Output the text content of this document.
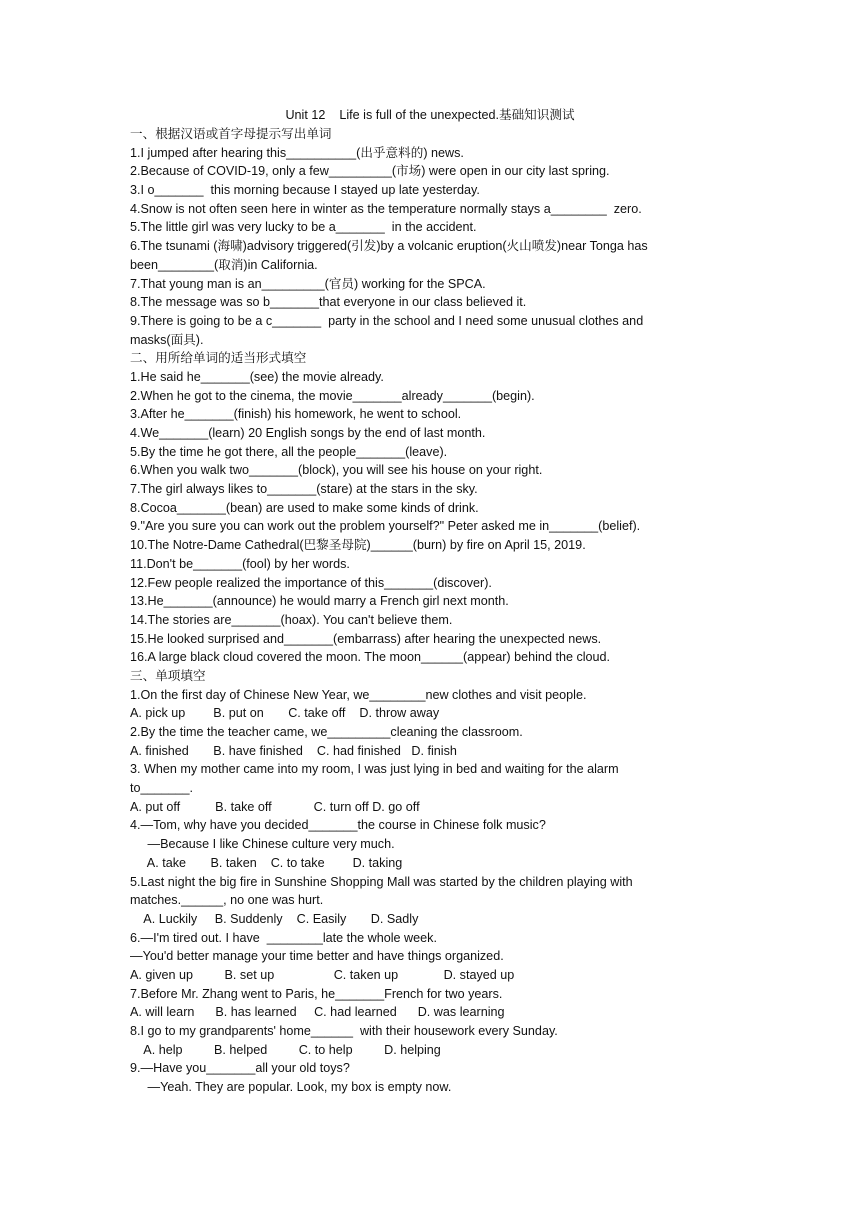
Unit 12    Life is full of the unexpected.基础知识测试
一、根据汉语或首字母提示写出单词
1.I jumped after hearing this__________(出乎意料的) news.
2.Because of COVID-19, only a few_________(市场) were open in our city last spring.
3.I o_______  this morning because I stayed up late yesterday.
4.Snow is not often seen here in winter as the temperature normally stays a________  zero.
5.The little girl was very lucky to be a_______  in the accident.
6.The tsunami (海啸)advisory triggered(引发)by a volcanic eruption(火山喷发)near Tonga has
been________(取消)in California.
7.That young man is an_________(官员) working for the SPCA.
8.The message was so b_______that everyone in our class believed it.
9.There is going to be a c_______  party in the school and I need some unusual clothes and
masks(面具).
二、用所给单词的适当形式填空
1.He said he_______(see) the movie already.
2.When he got to the cinema, the movie_______already_______(begin).
3.After he_______(finish) his homework, he went to school.
4.We_______(learn) 20 English songs by the end of last month.
5.By the time he got there, all the people_______(leave).
6.When you walk two_______(block), you will see his house on your right.
7.The girl always likes to_______(stare) at the stars in the sky.
8.Cocoa_______(bean) are used to make some kinds of drink.
9."Are you sure you can work out the problem yourself?" Peter asked me in_______(belief).
10.The Notre-Dame Cathedral(巴黎圣母院)______(burn) by fire on April 15, 2019.
11.Don't be_______(fool) by her words.
12.Few people realized the importance of this_______(discover).
13.He_______(announce) he would marry a French girl next month.
14.The stories are_______(hoax). You can't believe them.
15.He looked surprised and_______(embarrass) after hearing the unexpected news.
16.A large black cloud covered the moon. The moon______(appear) behind the cloud.
三、单项填空
1.On the first day of Chinese New Year, we________new clothes and visit people.
A. pick up        B. put on       C. take off    D. throw away
2.By the time the teacher came, we_________cleaning the classroom.
A. finished       B. have finished    C. had finished   D. finish
3. When my mother came into my room, I was just lying in bed and waiting for the alarm
to_______.
A. put off          B. take off            C. turn off D. go off
4.—Tom, why have you decided_______the course in Chinese folk music?
—Because I like Chinese culture very much.
A. take       B. taken    C. to take        D. taking
5.Last night the big fire in Sunshine Shopping Mall was started by the children playing with
matches.______, no one was hurt.
A. Luckily     B. Suddenly    C. Easily       D. Sadly
6.—I'm tired out. I have  ________late the whole week.
—You'd better manage your time better and have things organized.
A. given up         B. set up                 C. taken up             D. stayed up
7.Before Mr. Zhang went to Paris, he_______French for two years.
A. will learn      B. has learned     C. had learned      D. was learning
8.I go to my grandparents' home______  with their housework every Sunday.
A. help         B. helped         C. to help         D. helping
9.—Have you_______all your old toys?
—Yeah. They are popular. Look, my box is empty now.
